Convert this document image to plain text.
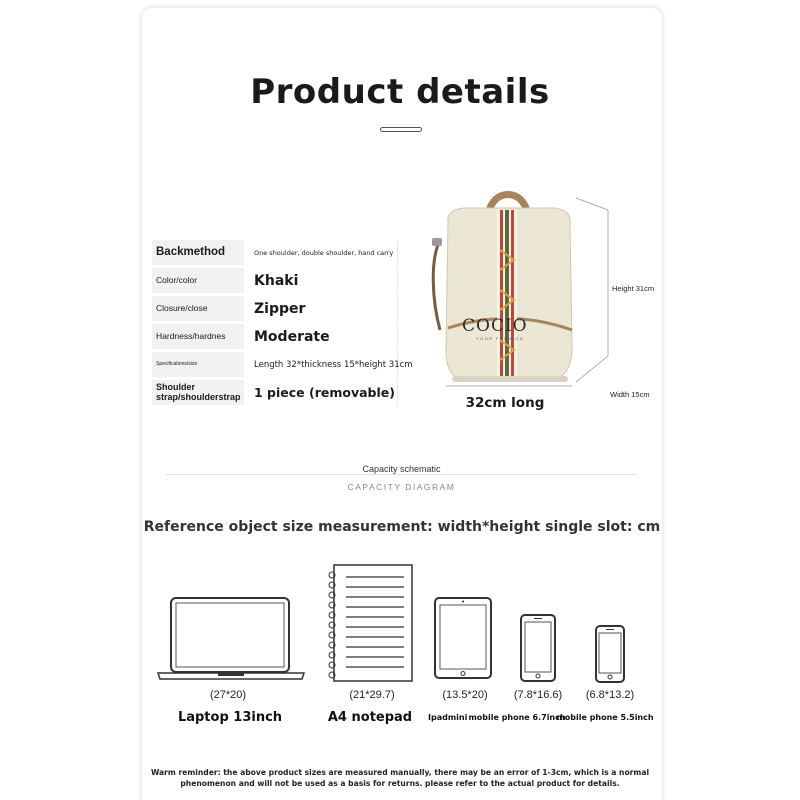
Product details
Backmethod	One shoulder, double shoulder, hand carry
Color/color	Khaki
Closure/close	Zipper
Hardness/hardnes	Moderate
Specifications/size	Length 32*thickness 15*height 31cm
Shoulder strap/shoulderstrap	1 piece (removable)
COCIO
YOUR FASHION
Height 31cm
Width 15cm
32cm long
Capacity schematic
CAPACITY DIAGRAM
Reference object size measurement: width*height single slot: cm
(27*20)
Laptop 13inch
(21*29.7)
A4 notepad
(13.5*20)	(7.8*16.6)	(6.8*13.2)
Ipadmini mobile phone 6.7inch
mobile phone 5.5inch
Warm reminder: the above product sizes are measured manually, there may be an error of 1-3cm, which is a normal phenomenon and will not be used as a basis for returns. please refer to the actual product for details.
